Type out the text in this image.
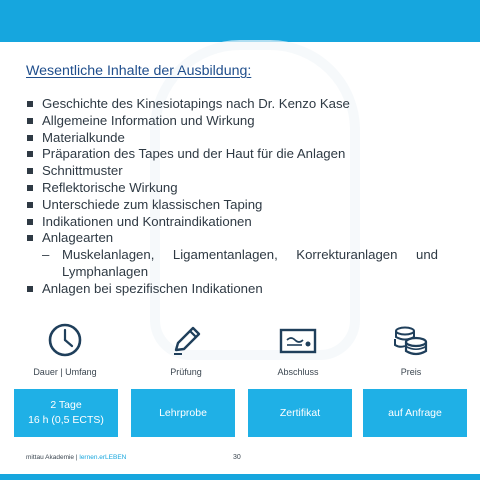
Wesentliche Inhalte der Ausbildung:
Geschichte des Kinesiotapings nach Dr. Kenzo Kase
Allgemeine Information und Wirkung
Materialkunde
Präparation des Tapes und der Haut für die Anlagen
Schnittmuster
Reflektorische Wirkung
Unterschiede zum klassischen Taping
Indikationen und Kontraindikationen
Anlagearten
– Muskelanlagen, Ligamentanlagen, Korrekturanlagen und Lymphanlagen
Anlagen bei spezifischen Indikationen
Dauer | Umfang	Prüfung	Abschluss	Preis
2 Tage
16 h (0,5 ECTS)
Lehrprobe	Zertifikat	auf Anfrage
mittau Akademie | lernen.erLEBEN	30
